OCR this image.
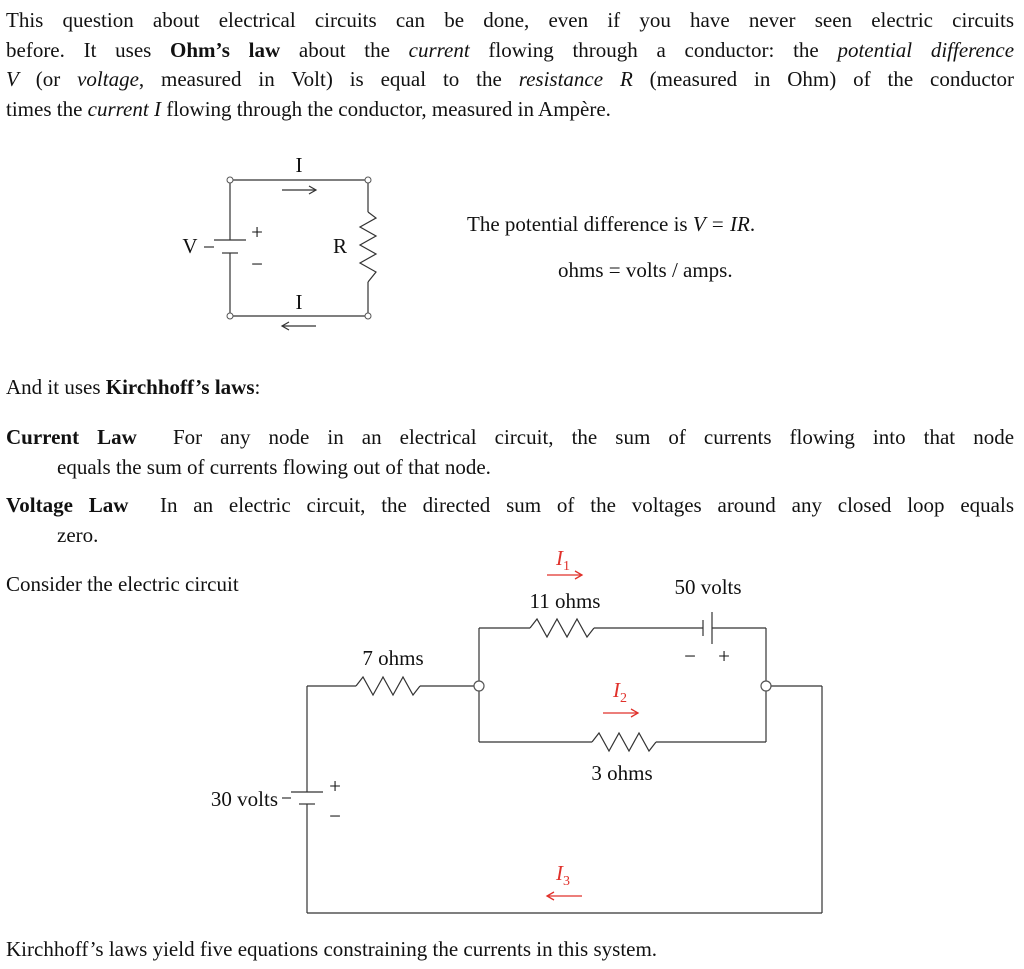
This question about electrical circuits can be done, even if you have never seen electric circuits
before. It uses Ohm’s law about the current flowing through a conductor: the potential difference
V (or voltage, measured in Volt) is equal to the resistance R (measured in Ohm) of the conductor
times the current I flowing through the conductor, measured in Ampère.
I
I
V	R
+
−
The potential difference is V = IR.
ohms = volts / amps.
And it uses Kirchhoff’s laws:
Current Law For any node in an electrical circuit, the sum of currents flowing into that node
equals the sum of currents flowing out of that node.
Voltage Law In an electric circuit, the directed sum of the voltages around any closed loop equals
zero.
Consider the electric circuit
$I_1$
$I_2$
$I_3$
11 ohms
50 volts
7 ohms
3 ohms
30 volts
− +
+
−
Kirchhoff’s laws yield five equations constraining the currents in this system.
